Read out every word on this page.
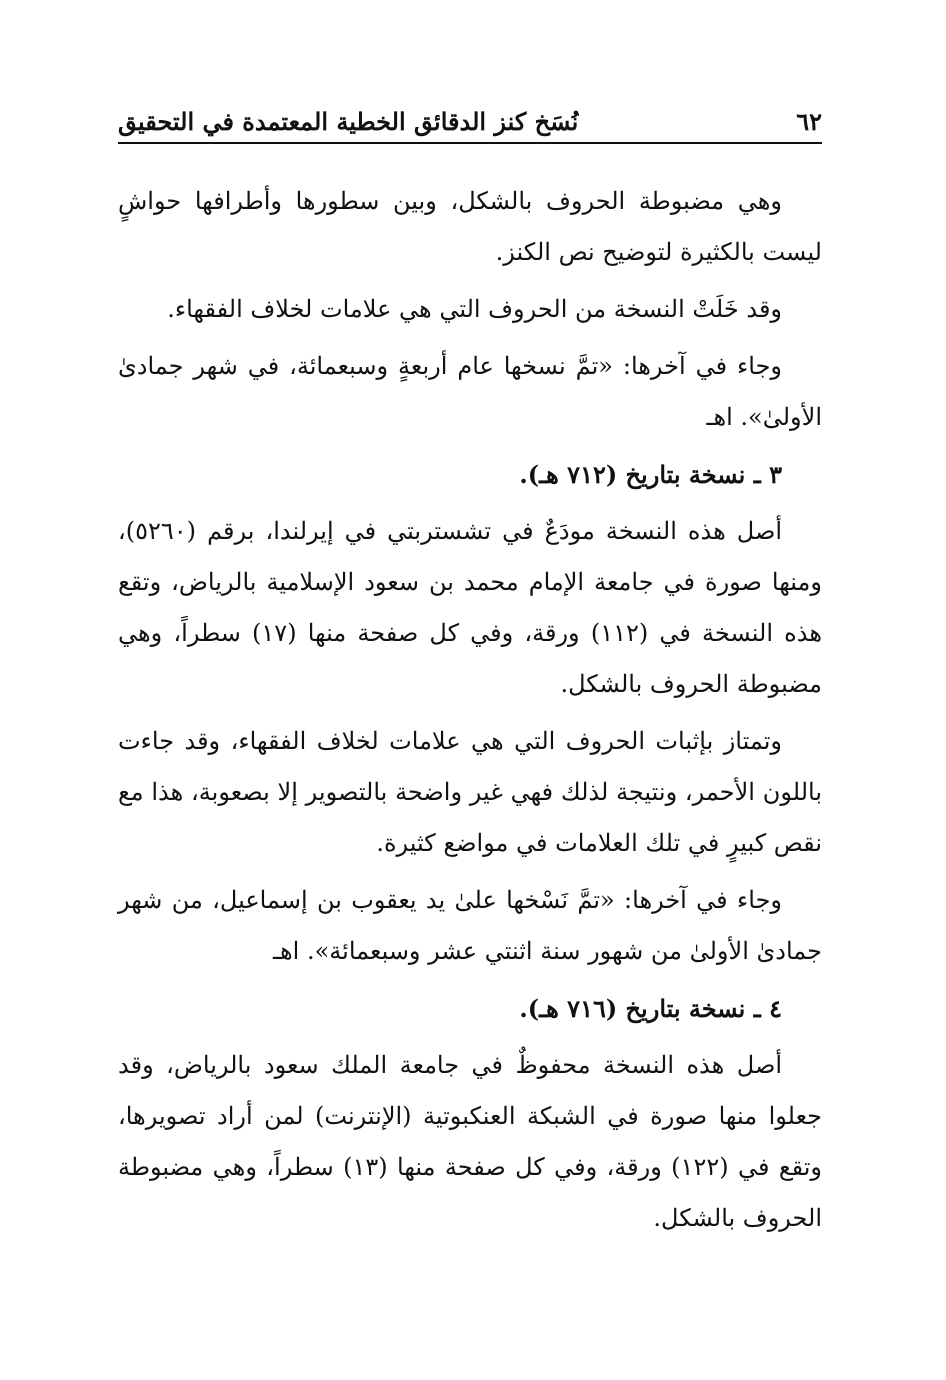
٦٢
نُسَخ كنز الدقائق الخطية المعتمدة في التحقيق

وهي مضبوطة الحروف بالشكل، وبين سطورها وأطرافها حواشٍ ليست بالكثيرة لتوضيح نص الكنز.

وقد خَلَتْ النسخة من الحروف التي هي علامات لخلاف الفقهاء.

وجاء في آخرها: «تمَّ نسخها عام أربعةٍ وسبعمائة، في شهر جمادىٰ الأولىٰ». اهـ

٣ ـ نسخة بتاريخ (٧١٢ هـ).

أصل هذه النسخة مودَعٌ في تشستربتي في إيرلندا، برقم (٥٢٦٠)، ومنها صورة في جامعة الإمام محمد بن سعود الإسلامية بالرياض، وتقع هذه النسخة في (١١٢) ورقة، وفي كل صفحة منها (١٧) سطراً، وهي مضبوطة الحروف بالشكل.

وتمتاز بإثبات الحروف التي هي علامات لخلاف الفقهاء، وقد جاءت باللون الأحمر، ونتيجة لذلك فهي غير واضحة بالتصوير إلا بصعوبة، هذا مع نقص كبيرٍ في تلك العلامات في مواضع كثيرة.

وجاء في آخرها: «تمَّ نَسْخها علىٰ يد يعقوب بن إسماعيل، من شهر جمادىٰ الأولىٰ من شهور سنة اثنتي عشر وسبعمائة». اهـ

٤ ـ نسخة بتاريخ (٧١٦ هـ).

أصل هذه النسخة محفوظٌ في جامعة الملك سعود بالرياض، وقد جعلوا منها صورة في الشبكة العنكبوتية (الإنترنت) لمن أراد تصويرها، وتقع في (١٢٢) ورقة، وفي كل صفحة منها (١٣) سطراً، وهي مضبوطة الحروف بالشكل.
